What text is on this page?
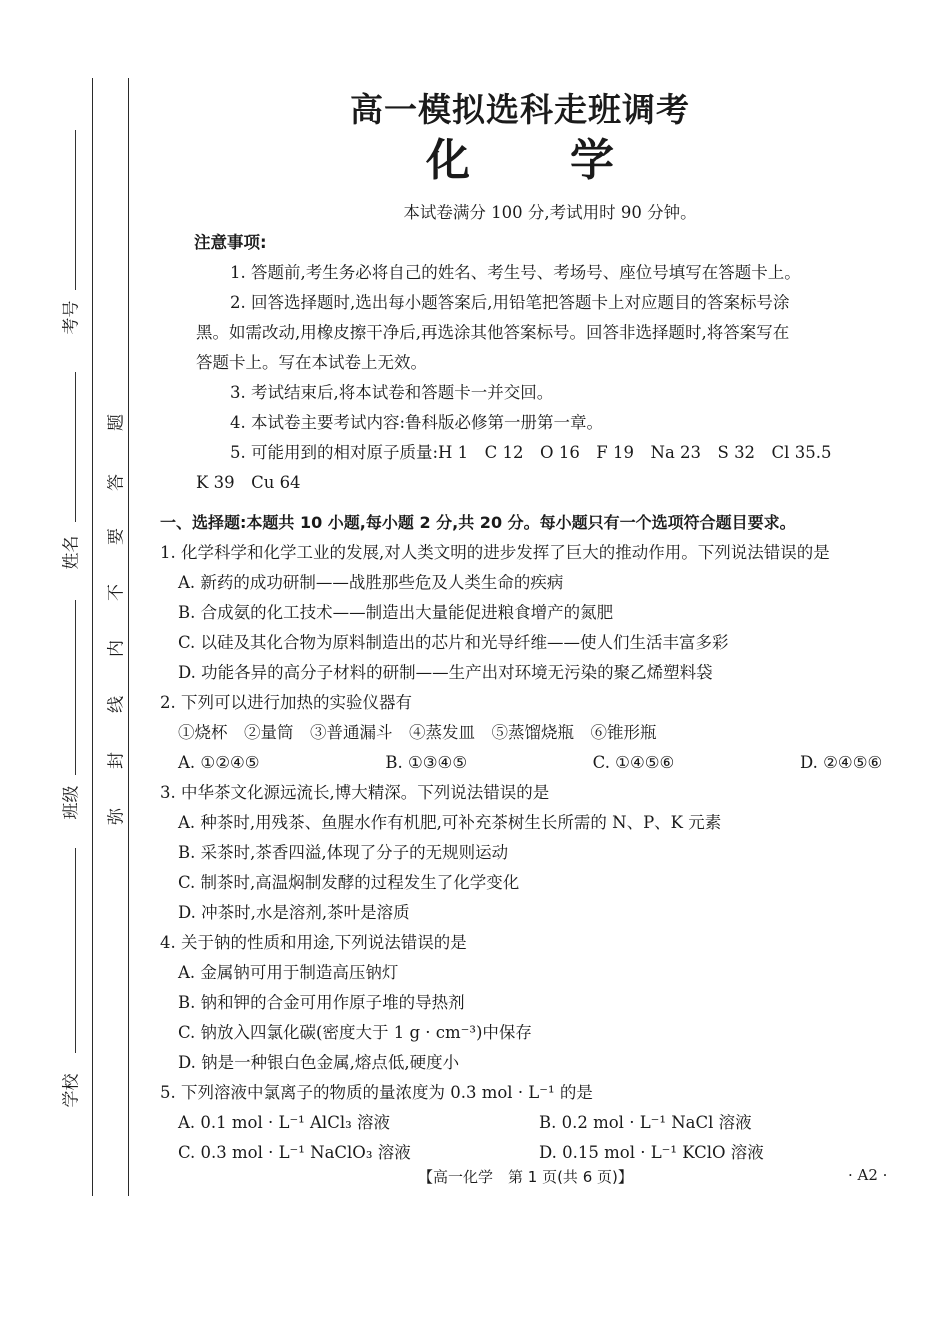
考号
姓名
班级
学校
题
答
要
不
内
线
封
弥
高一模拟选科走班调考
化学
本试卷满分 100 分,考试用时 90 分钟。
注意事项:
1. 答题前,考生务必将自己的姓名、考生号、考场号、座位号填写在答题卡上。
2. 回答选择题时,选出每小题答案后,用铅笔把答题卡上对应题目的答案标号涂
黑。如需改动,用橡皮擦干净后,再选涂其他答案标号。回答非选择题时,将答案写在
答题卡上。写在本试卷上无效。
3. 考试结束后,将本试卷和答题卡一并交回。
4. 本试卷主要考试内容:鲁科版必修第一册第一章。
5. 可能用到的相对原子质量:H 1　C 12　O 16　F 19　Na 23　S 32　Cl 35.5
K 39　Cu 64
一、选择题:本题共 10 小题,每小题 2 分,共 20 分。每小题只有一个选项符合题目要求。
1. 化学科学和化学工业的发展,对人类文明的进步发挥了巨大的推动作用。下列说法错误的是
A. 新药的成功研制——战胜那些危及人类生命的疾病
B. 合成氨的化工技术——制造出大量能促进粮食增产的氮肥
C. 以硅及其化合物为原料制造出的芯片和光导纤维——使人们生活丰富多彩
D. 功能各异的高分子材料的研制——生产出对环境无污染的聚乙烯塑料袋
2. 下列可以进行加热的实验仪器有
①烧杯　②量筒　③普通漏斗　④蒸发皿　⑤蒸馏烧瓶　⑥锥形瓶
A. ①②④⑤	B. ①③④⑤	C. ①④⑤⑥	D. ②④⑤⑥
3. 中华茶文化源远流长,博大精深。下列说法错误的是
A. 种茶时,用残茶、鱼腥水作有机肥,可补充茶树生长所需的 N、P、K 元素
B. 采茶时,茶香四溢,体现了分子的无规则运动
C. 制茶时,高温焖制发酵的过程发生了化学变化
D. 冲茶时,水是溶剂,茶叶是溶质
4. 关于钠的性质和用途,下列说法错误的是
A. 金属钠可用于制造高压钠灯
B. 钠和钾的合金可用作原子堆的导热剂
C. 钠放入四氯化碳(密度大于 1 g · cm⁻³)中保存
D. 钠是一种银白色金属,熔点低,硬度小
5. 下列溶液中氯离子的物质的量浓度为 0.3 mol · L⁻¹ 的是
A. 0.1 mol · L⁻¹ AlCl₃ 溶液	B. 0.2 mol · L⁻¹ NaCl 溶液
C. 0.3 mol · L⁻¹ NaClO₃ 溶液	D. 0.15 mol · L⁻¹ KClO 溶液
【高一化学　第 1 页(共 6 页)】	· A2 ·
